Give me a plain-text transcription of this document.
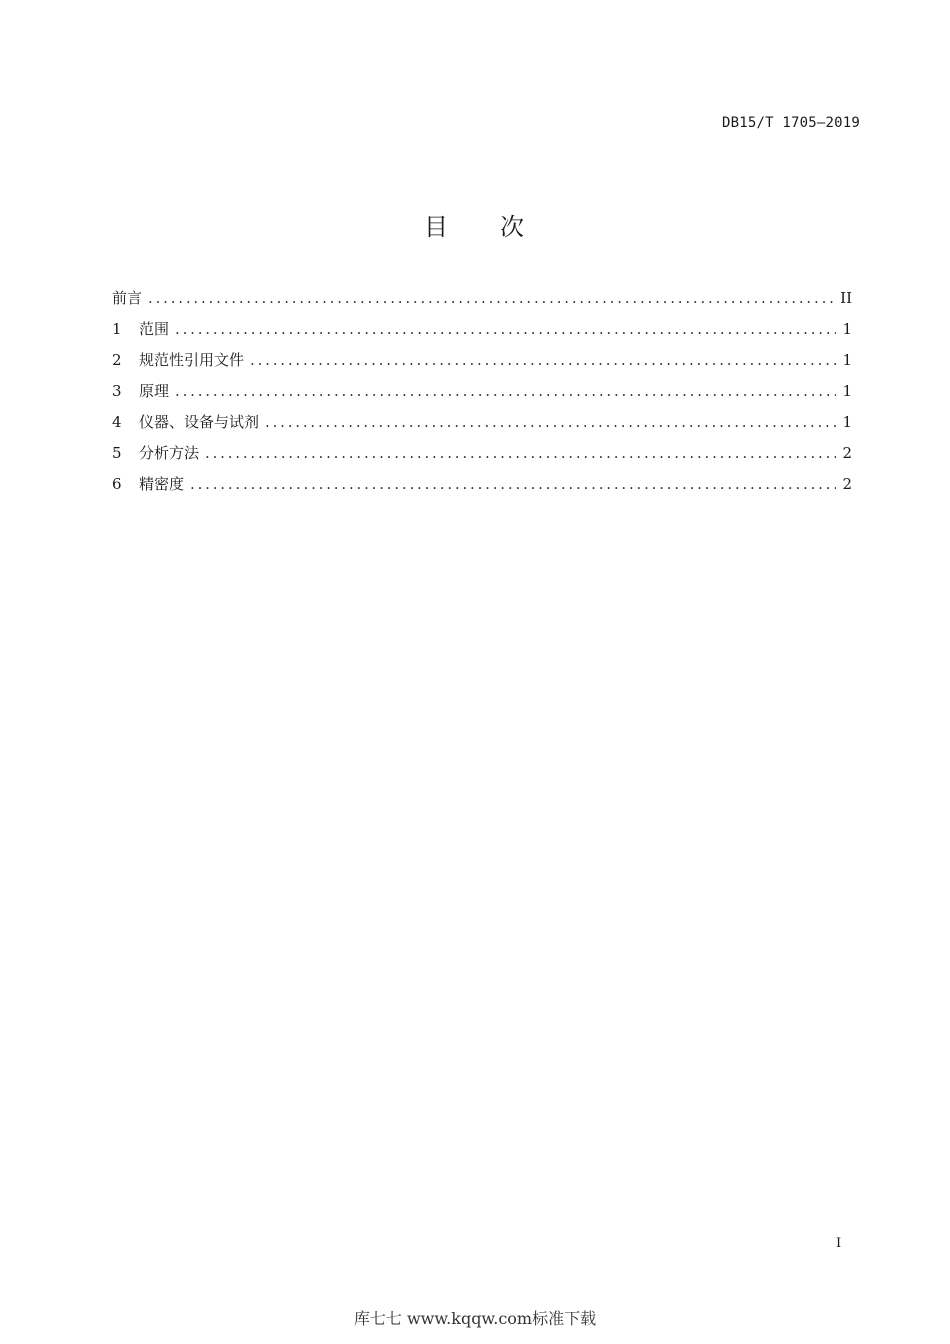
DB15/T 1705—2019
目 次
前言 .....	II
1	范围 .....	1
2	规范性引用文件 .....	1
3	原理 .....	1
4	仪器、设备与试剂 .....	1
5	分析方法 .....	2
6	精密度 .....	2
I
库七七 www.kqqw.com标准下载
